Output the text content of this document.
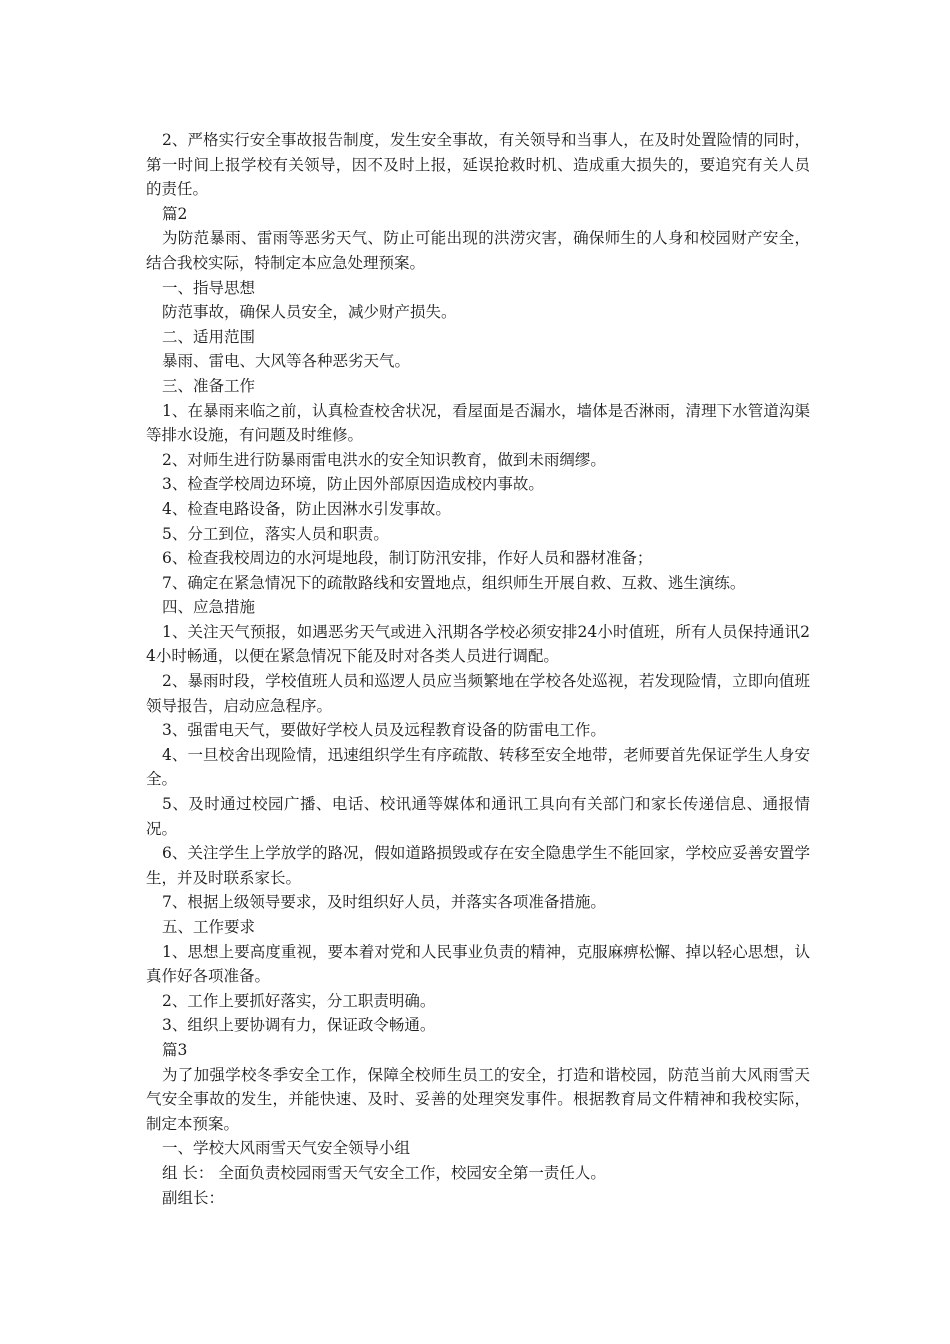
2、严格实行安全事故报告制度，发生安全事故，有关领导和当事人，在及时处置险情的同时，第一时间上报学校有关领导，因不及时上报，延误抢救时机、造成重大损失的，要追究有关人员的责任。

篇2

为防范暴雨、雷雨等恶劣天气、防止可能出现的洪涝灾害，确保师生的人身和校园财产安全，结合我校实际，特制定本应急处理预案。

一、指导思想

防范事故，确保人员安全，减少财产损失。

二、适用范围

暴雨、雷电、大风等各种恶劣天气。

三、准备工作

1、在暴雨来临之前，认真检查校舍状况，看屋面是否漏水，墙体是否淋雨，清理下水管道沟渠等排水设施，有问题及时维修。

2、对师生进行防暴雨雷电洪水的安全知识教育，做到未雨绸缪。

3、检查学校周边环境，防止因外部原因造成校内事故。

4、检查电路设备，防止因淋水引发事故。

5、分工到位，落实人员和职责。

6、检查我校周边的水河堤地段，制订防汛安排，作好人员和器材准备；

7、确定在紧急情况下的疏散路线和安置地点，组织师生开展自救、互救、逃生演练。

四、应急措施

1、关注天气预报，如遇恶劣天气或进入汛期各学校必须安排24小时值班，所有人员保持通讯24小时畅通，以便在紧急情况下能及时对各类人员进行调配。

2、暴雨时段，学校值班人员和巡逻人员应当频繁地在学校各处巡视，若发现险情，立即向值班领导报告，启动应急程序。

3、强雷电天气，要做好学校人员及远程教育设备的防雷电工作。

4、一旦校舍出现险情，迅速组织学生有序疏散、转移至安全地带，老师要首先保证学生人身安全。

5、及时通过校园广播、电话、校讯通等媒体和通讯工具向有关部门和家长传递信息、通报情况。

6、关注学生上学放学的路况，假如道路损毁或存在安全隐患学生不能回家，学校应妥善安置学生，并及时联系家长。

7、根据上级领导要求，及时组织好人员，并落实各项准备措施。

五、工作要求

1、思想上要高度重视，要本着对党和人民事业负责的精神，克服麻痹松懈、掉以轻心思想，认真作好各项准备。

2、工作上要抓好落实，分工职责明确。

3、组织上要协调有力，保证政令畅通。

篇3

为了加强学校冬季安全工作，保障全校师生员工的安全，打造和谐校园，防范当前大风雨雪天气安全事故的发生，并能快速、及时、妥善的处理突发事件。根据教育局文件精神和我校实际，制定本预案。

一、学校大风雨雪天气安全领导小组

组 长： 全面负责校园雨雪天气安全工作，校园安全第一责任人。

副组长：
